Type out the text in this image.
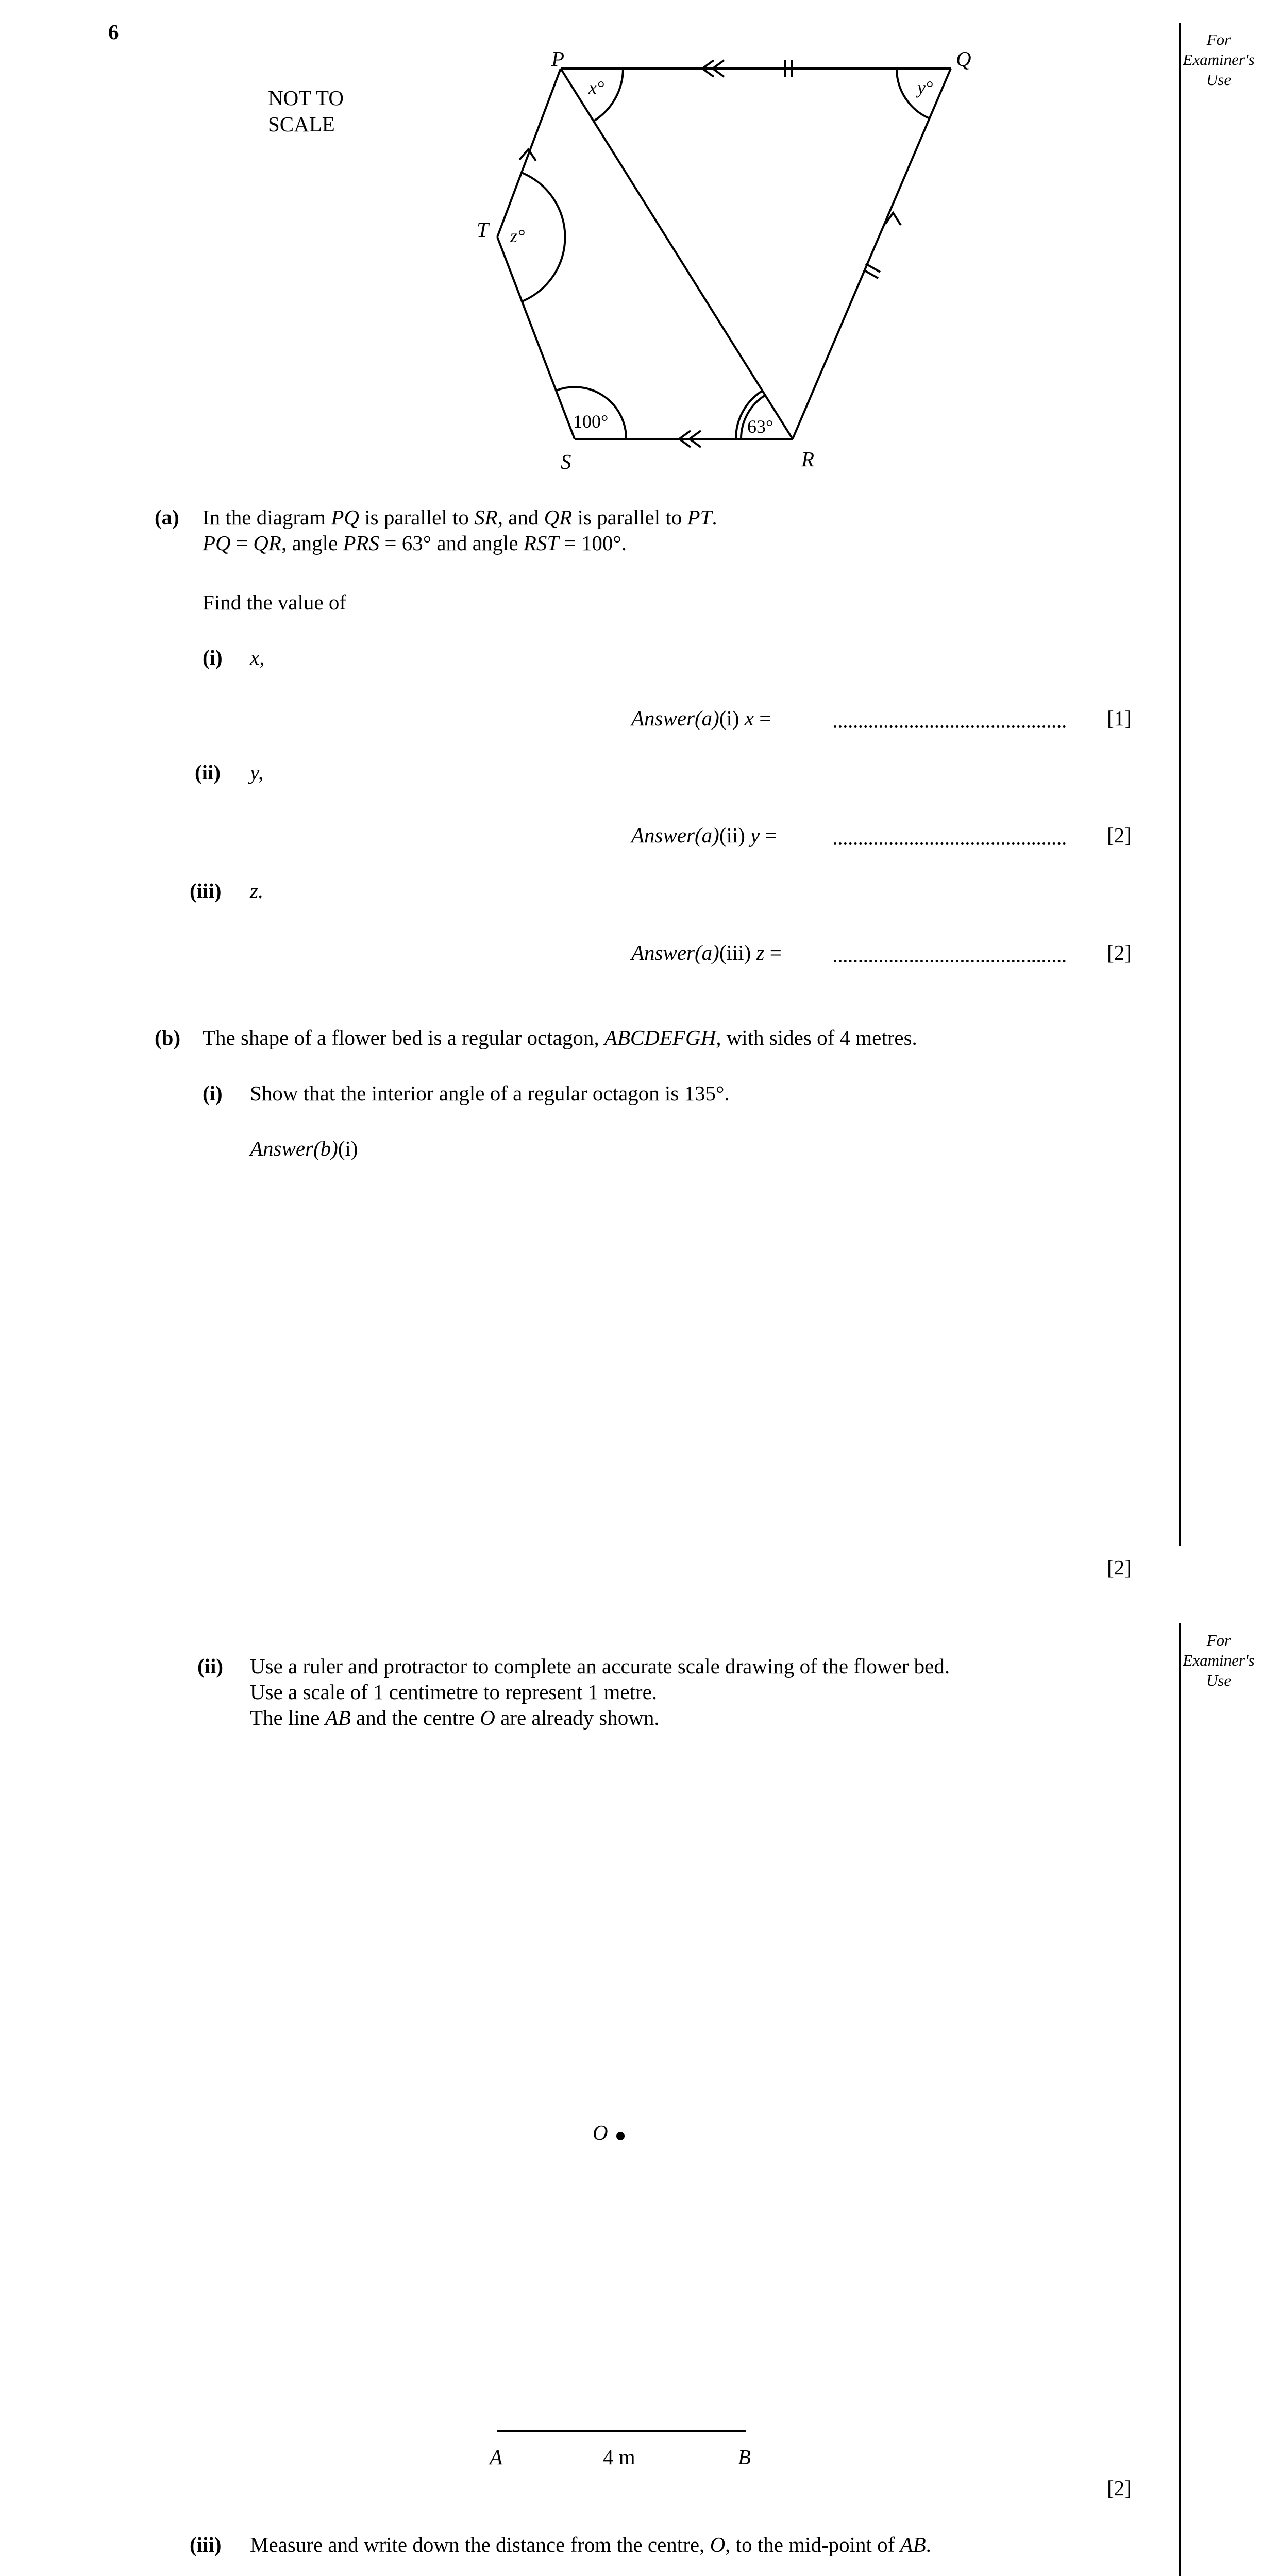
6	For
Examiner's
Use
For
Examiner's
Use
NOT TO
SCALE
P	Q
R
S
T
x°	y°
z°
100°	63°
(a) In the diagram PQ is parallel to SR, and QR is parallel to PT.
PQ = QR, angle PRS = 63° and angle RST = 100°.
Find the value of
(i) x,
Answer(a)(i) x =	[1]
(ii) y,
Answer(a)(ii) y =	[2]
(iii) z.
Answer(a)(iii) z =	[2]
(b) The shape of a flower bed is a regular octagon, ABCDEFGH, with sides of 4 metres.
(i) Show that the interior angle of a regular octagon is 135°.
Answer(b)(i)
[2]
(ii) Use a ruler and protractor to complete an accurate scale drawing of the flower bed.
Use a scale of 1 centimetre to represent 1 metre.
The line AB and the centre O are already shown.
O
A	4 m	B
[2]
(iii) Measure and write down the distance from the centre, O, to the mid-point of AB.
